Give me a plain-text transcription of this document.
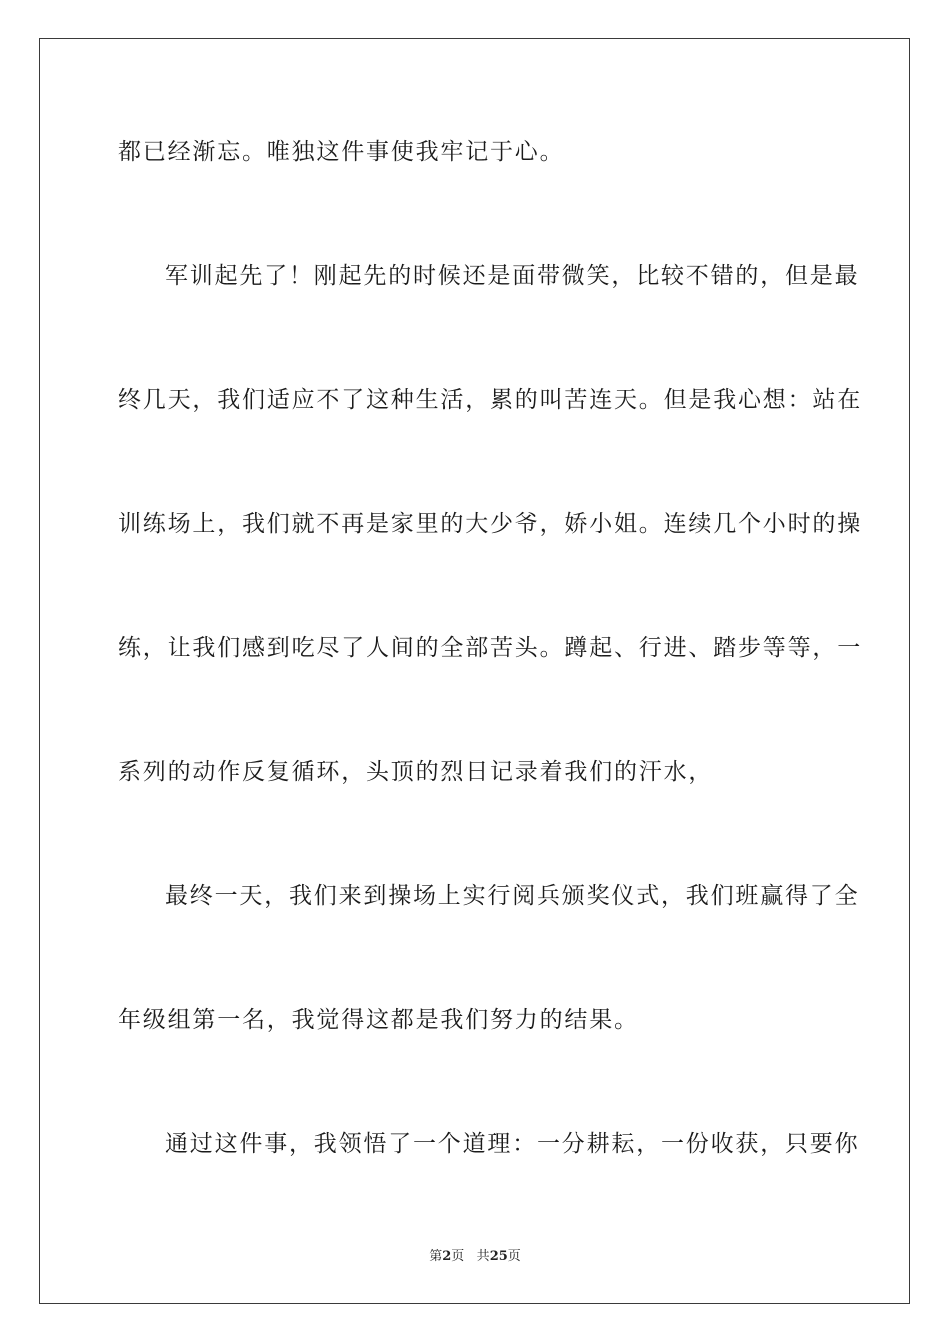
都已经渐忘。唯独这件事使我牢记于心。
军训起先了！刚起先的时候还是面带微笑，比较不错的，但是最
终几天，我们适应不了这种生活，累的叫苦连天。但是我心想：站在
训练场上，我们就不再是家里的大少爷，娇小姐。连续几个小时的操
练，让我们感到吃尽了人间的全部苦头。蹲起、行进、踏步等等，一
系列的动作反复循环，头顶的烈日记录着我们的汗水，
最终一天，我们来到操场上实行阅兵颁奖仪式，我们班赢得了全
年级组第一名，我觉得这都是我们努力的结果。
通过这件事，我领悟了一个道理：一分耕耘，一份收获，只要你
第2页 共25页
